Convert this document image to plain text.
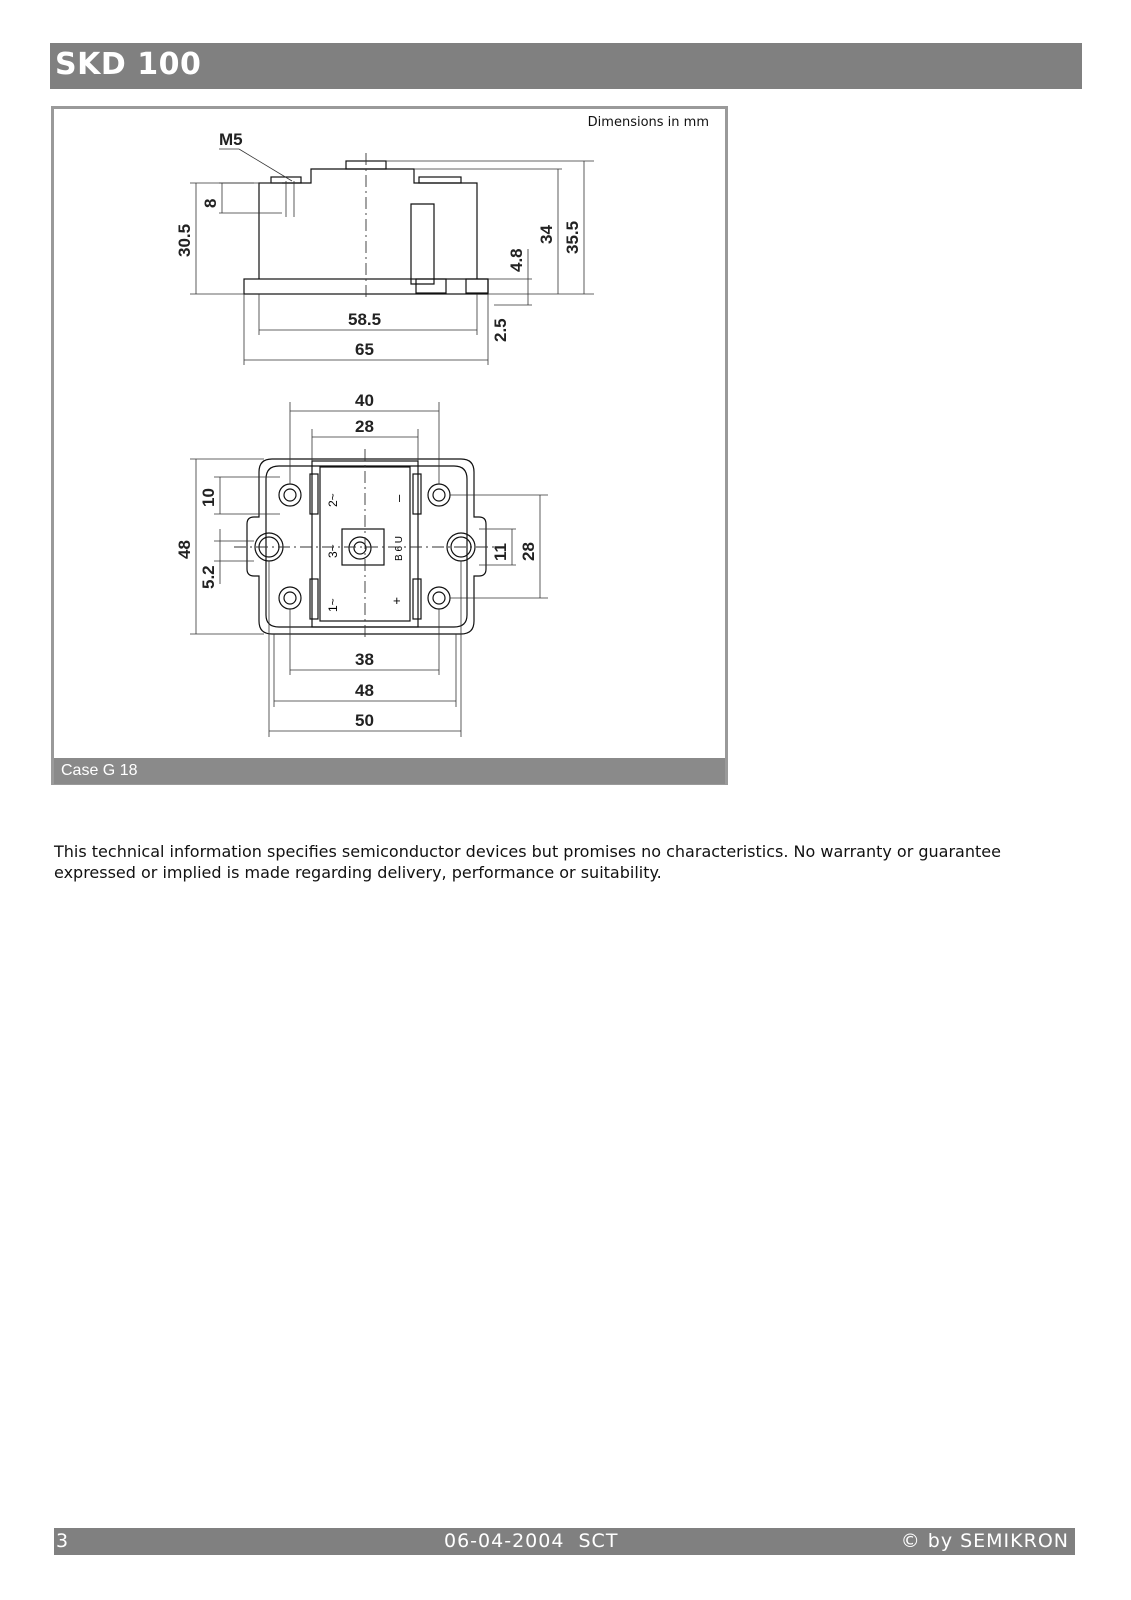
SKD 100
M5
8
30.5	34 35.5
4.8
2.5
58.5
65
2~
3~
1~
–
+
B 6 U
40
28
48
10
5.2
11 28
38
48
50
Dimensions in mm
Case G 18
This technical information specifies semiconductor devices but promises no characteristics. No warranty or guarantee
expressed or implied is made regarding delivery, performance or suitability.
3	06-04-2004  SCT	© by SEMIKRON
